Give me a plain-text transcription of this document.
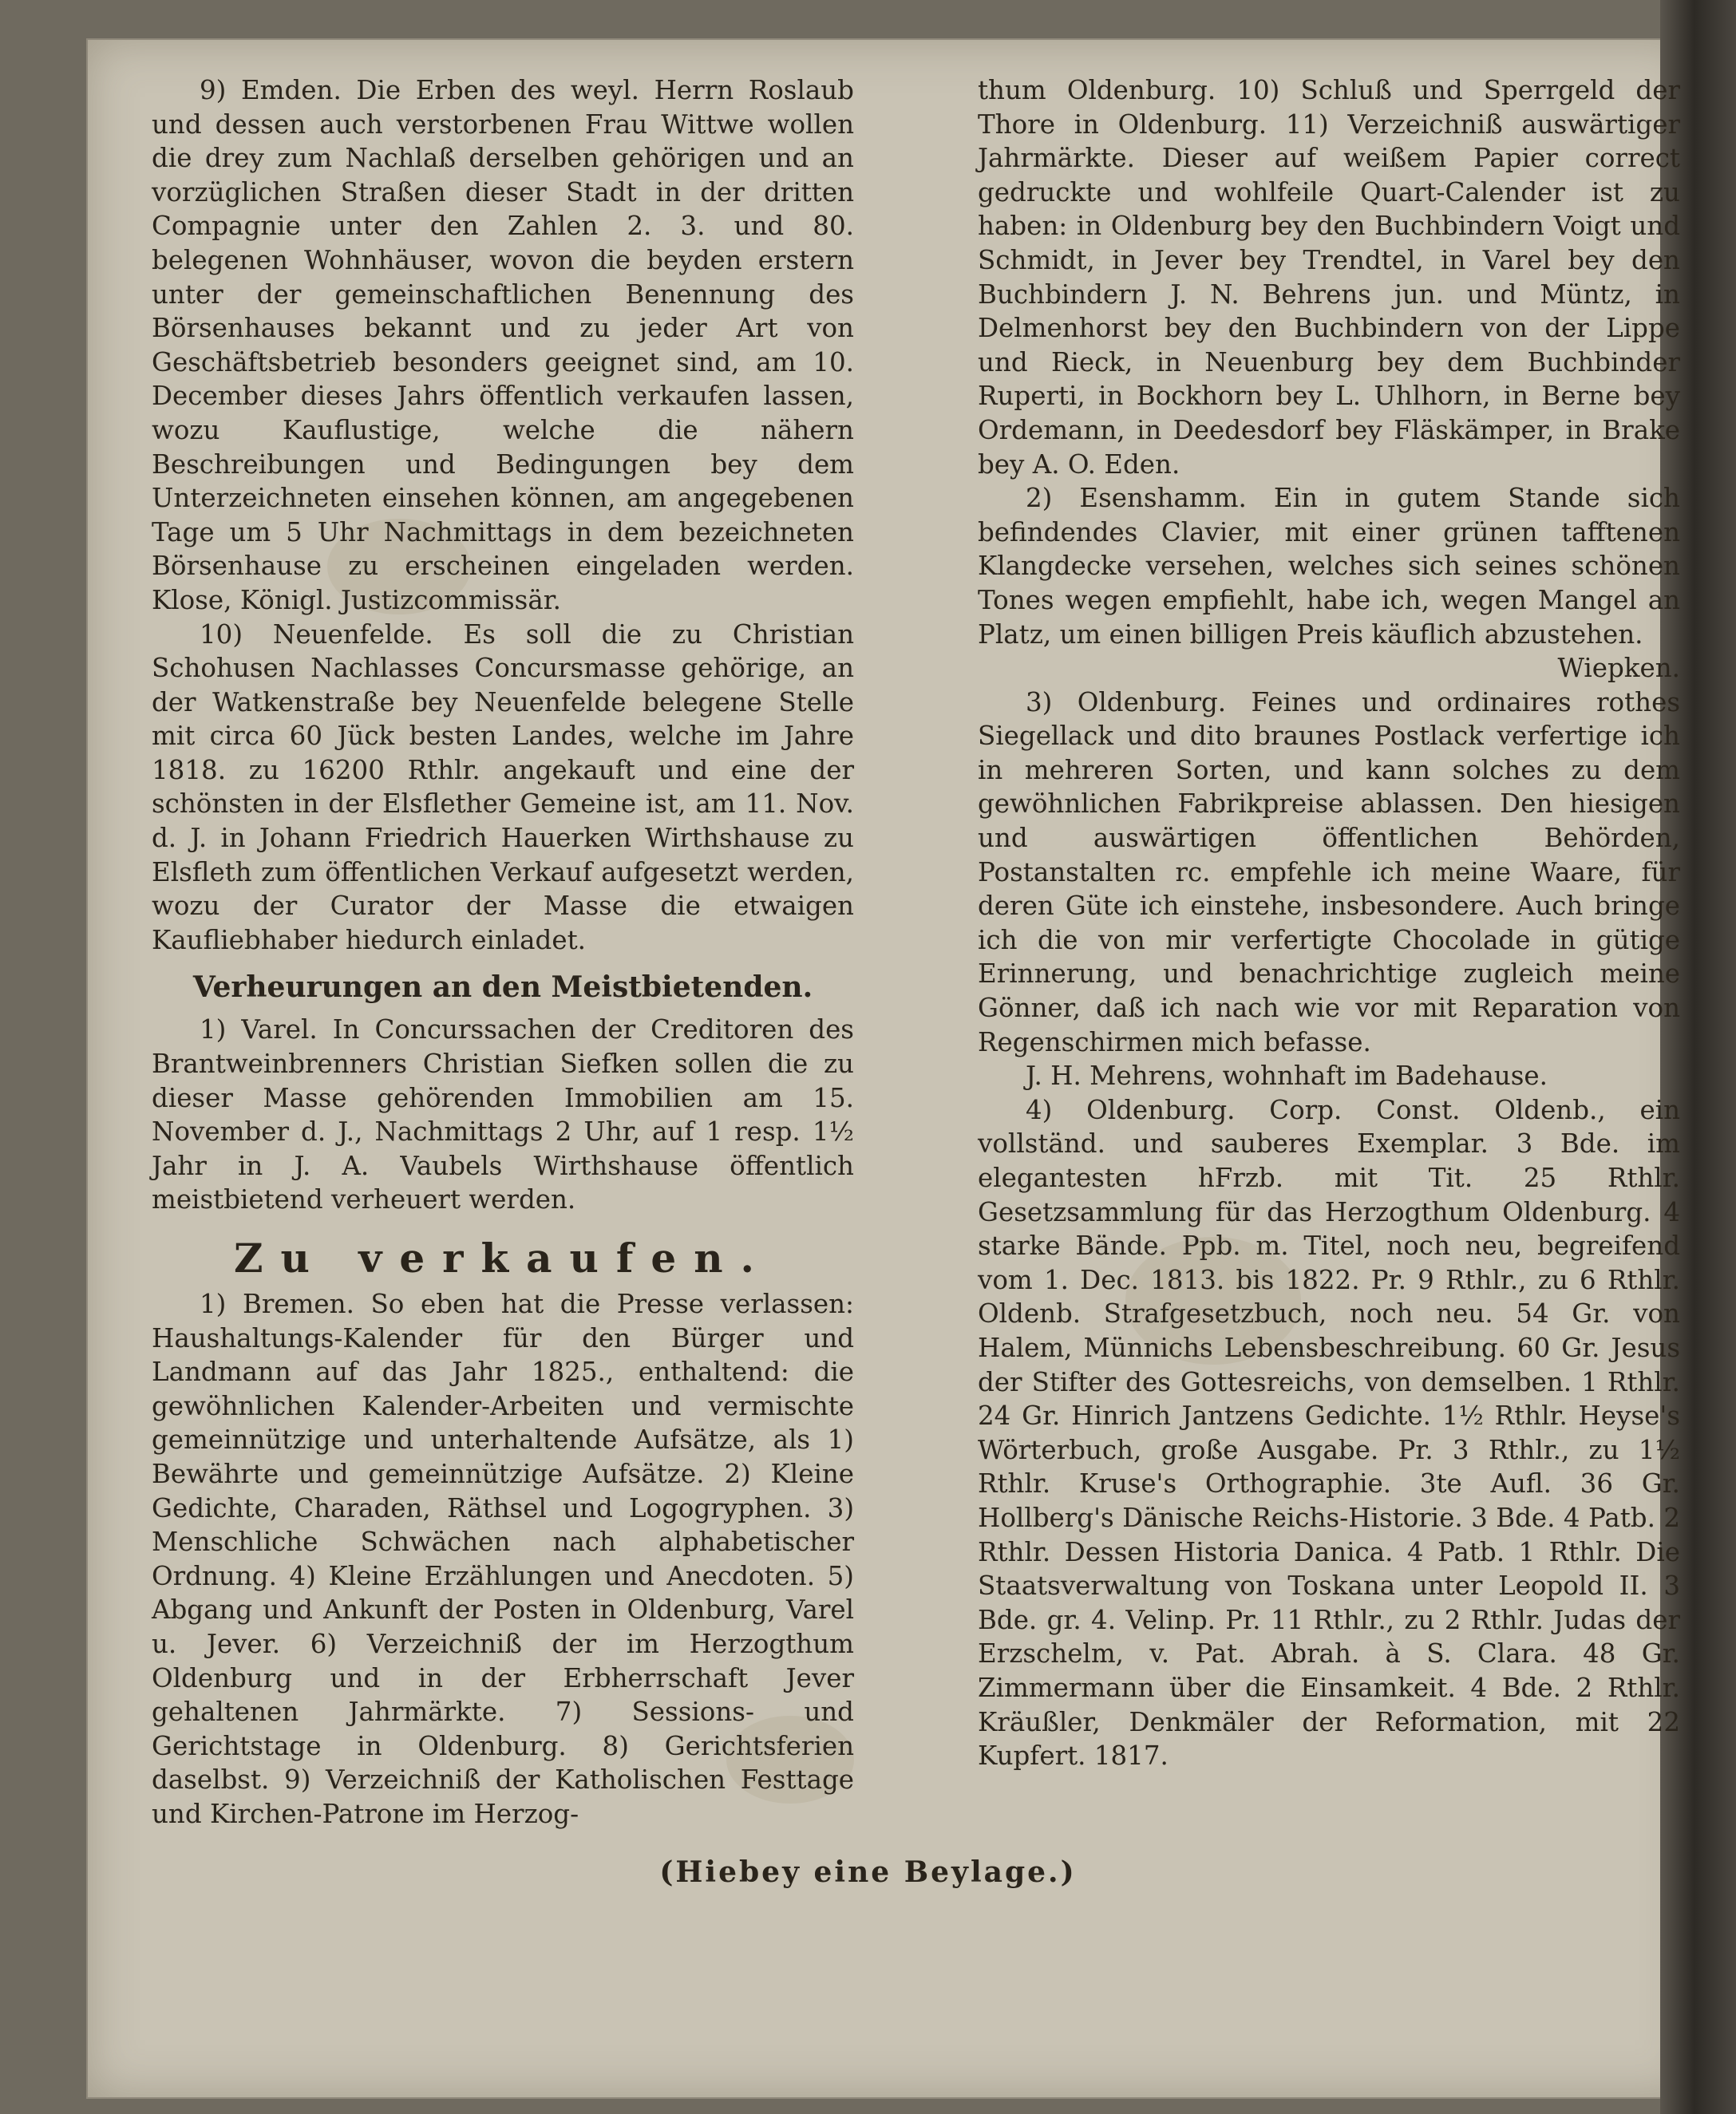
9) Emden. Die Erben des weyl. Herrn Roslaub und dessen auch verstorbenen Frau Wittwe wollen die drey zum Nachlaß derselben gehörigen und an vorzüglichen Straßen dieser Stadt in der dritten Compagnie unter den Zahlen 2. 3. und 80. belegenen Wohnhäuser, wovon die beyden erstern unter der gemeinschaftlichen Benennung des Börsenhauses bekannt und zu jeder Art von Geschäftsbetrieb besonders geeignet sind, am 10. December dieses Jahrs öffentlich verkaufen lassen, wozu Kauflustige, welche die nähern Beschreibungen und Bedingungen bey dem Unterzeichneten einsehen können, am angegebenen Tage um 5 Uhr Nachmittags in dem bezeichneten Börsenhause zu erscheinen eingeladen werden. Klose, Königl. Justizcommissär.

10) Neuenfelde. Es soll die zu Christian Schohusen Nachlasses Concursmasse gehörige, an der Watkenstraße bey Neuenfelde belegene Stelle mit circa 60 Jück besten Landes, welche im Jahre 1818. zu 16200 Rthlr. angekauft und eine der schönsten in der Elsflether Gemeine ist, am 11. Nov. d. J. in Johann Friedrich Hauerken Wirthshause zu Elsfleth zum öffentlichen Verkauf aufgesetzt werden, wozu der Curator der Masse die etwaigen Kaufliebhaber hiedurch einladet.

Verheurungen an den Meistbietenden.

1) Varel. In Concurssachen der Creditoren des Brantweinbrenners Christian Siefken sollen die zu dieser Masse gehörenden Immobilien am 15. November d. J., Nachmittags 2 Uhr, auf 1 resp. 1½ Jahr in J. A. Vaubels Wirthshause öffentlich meistbietend verheuert werden.

Zu verkaufen.

1) Bremen. So eben hat die Presse verlassen: Haushaltungs-Kalender für den Bürger und Landmann auf das Jahr 1825., enthaltend: die gewöhnlichen Kalender-Arbeiten und vermischte gemeinnützige und unterhaltende Aufsätze, als 1) Bewährte und gemeinnützige Aufsätze. 2) Kleine Gedichte, Charaden, Räthsel und Logogryphen. 3) Menschliche Schwächen nach alphabetischer Ordnung. 4) Kleine Erzählungen und Anecdoten. 5) Abgang und Ankunft der Posten in Oldenburg, Varel u. Jever. 6) Verzeichniß der im Herzogthum Oldenburg und in der Erbherrschaft Jever gehaltenen Jahrmärkte. 7) Sessions- und Gerichtstage in Oldenburg. 8) Gerichtsferien daselbst. 9) Verzeichniß der Katholischen Festtage und Kirchen-Patrone im Herzog-

thum Oldenburg. 10) Schluß und Sperrgeld der Thore in Oldenburg. 11) Verzeichniß auswärtiger Jahrmärkte. Dieser auf weißem Papier correct gedruckte und wohlfeile Quart-Calender ist zu haben: in Oldenburg bey den Buchbindern Voigt und Schmidt, in Jever bey Trendtel, in Varel bey den Buchbindern J. N. Behrens jun. und Müntz, in Delmenhorst bey den Buchbindern von der Lippe und Rieck, in Neuenburg bey dem Buchbinder Ruperti, in Bockhorn bey L. Uhlhorn, in Berne bey Ordemann, in Deedesdorf bey Fläskämper, in Brake bey A. O. Eden.

2) Esenshamm. Ein in gutem Stande sich befindendes Clavier, mit einer grünen tafftenen Klangdecke versehen, welches sich seines schönen Tones wegen empfiehlt, habe ich, wegen Mangel an Platz, um einen billigen Preis käuflich abzustehen.

Wiepken.

3) Oldenburg. Feines und ordinaires rothes Siegellack und dito braunes Postlack verfertige ich in mehreren Sorten, und kann solches zu dem gewöhnlichen Fabrikpreise ablassen. Den hiesigen und auswärtigen öffentlichen Behörden, Postanstalten rc. empfehle ich meine Waare, für deren Güte ich einstehe, insbesondere. Auch bringe ich die von mir verfertigte Chocolade in gütige Erinnerung, und benachrichtige zugleich meine Gönner, daß ich nach wie vor mit Reparation von Regenschirmen mich befasse.

J. H. Mehrens, wohnhaft im Badehause.

4) Oldenburg. Corp. Const. Oldenb., ein vollständ. und sauberes Exemplar. 3 Bde. im elegantesten hFrzb. mit Tit. 25 Rthlr. Gesetzsammlung für das Herzogthum Oldenburg. 4 starke Bände. Ppb. m. Titel, noch neu, begreifend vom 1. Dec. 1813. bis 1822. Pr. 9 Rthlr., zu 6 Rthlr. Oldenb. Strafgesetzbuch, noch neu. 54 Gr. von Halem, Münnichs Lebensbeschreibung. 60 Gr. Jesus der Stifter des Gottesreichs, von demselben. 1 Rthlr. 24 Gr. Hinrich Jantzens Gedichte. 1½ Rthlr. Heyse's Wörterbuch, große Ausgabe. Pr. 3 Rthlr., zu 1½ Rthlr. Kruse's Orthographie. 3te Aufl. 36 Gr. Hollberg's Dänische Reichs-Historie. 3 Bde. 4 Patb. 2 Rthlr. Dessen Historia Danica. 4 Patb. 1 Rthlr. Die Staatsverwaltung von Toskana unter Leopold II. 3 Bde. gr. 4. Velinp. Pr. 11 Rthlr., zu 2 Rthlr. Judas der Erzschelm, v. Pat. Abrah. à S. Clara. 48 Gr. Zimmermann über die Einsamkeit. 4 Bde. 2 Rthlr. Kräußler, Denkmäler der Reformation, mit 22 Kupfert. 1817.

(Hiebey eine Beylage.)
